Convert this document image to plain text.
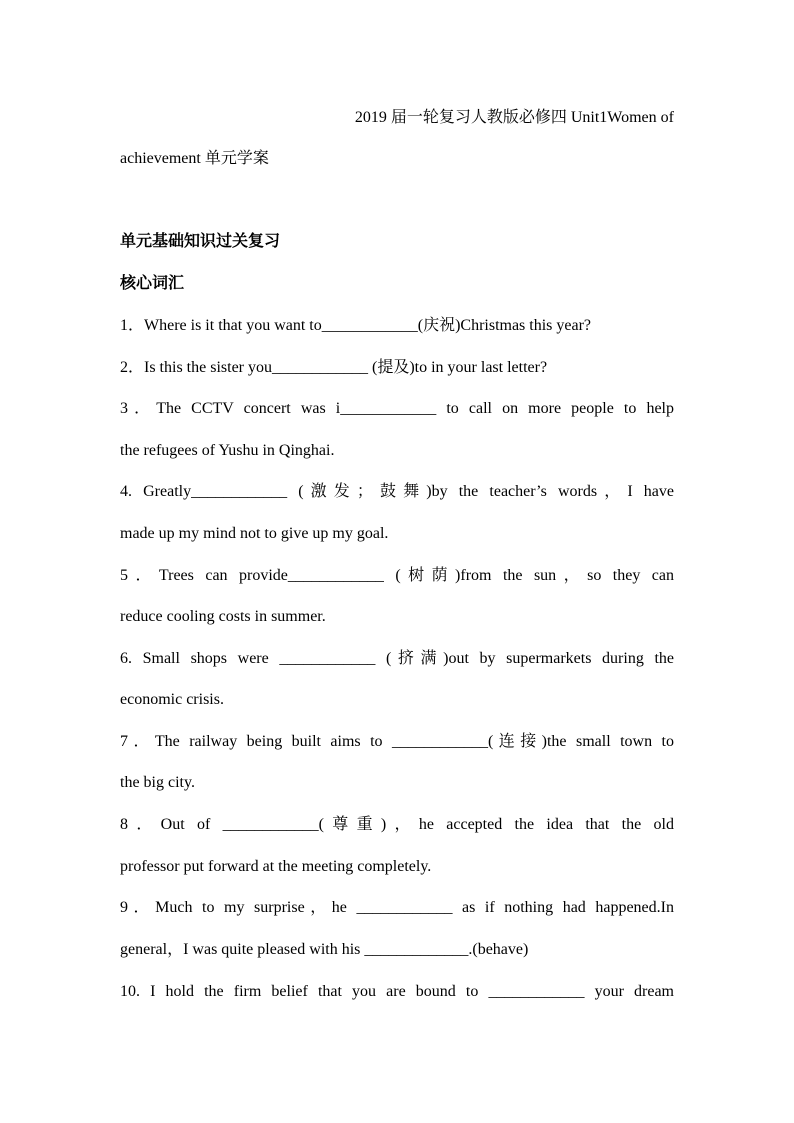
2019 届一轮复习人教版必修四 Unit1Women of
achievement 单元学案
单元基础知识过关复习
核心词汇
1．Where is it that you want to____________(庆祝)Christmas this year?
2．Is this the sister you____________ (提及)to in your last letter?
3．The CCTV concert was i____________ to call on more people to help
the refugees of Yushu in Qinghai.
4. Greatly____________ (激发；鼓舞)by the teacher’s words，I have
made up my mind not to give up my goal.
5．Trees can provide____________ (树荫)from the sun，so they can
reduce cooling costs in summer.
6. Small shops were ____________ (挤满)out by supermarkets during the
economic crisis.
7．The railway being built aims to ____________(连接)the small town to
the big city.
8．Out of ____________(尊重)，he accepted the idea that the old
professor put forward at the meeting completely.
9．Much to my surprise，he ____________ as if nothing had happened.In
general，I was quite pleased with his _____________.(behave)
10. I hold the firm belief that you are bound to ____________ your dream
